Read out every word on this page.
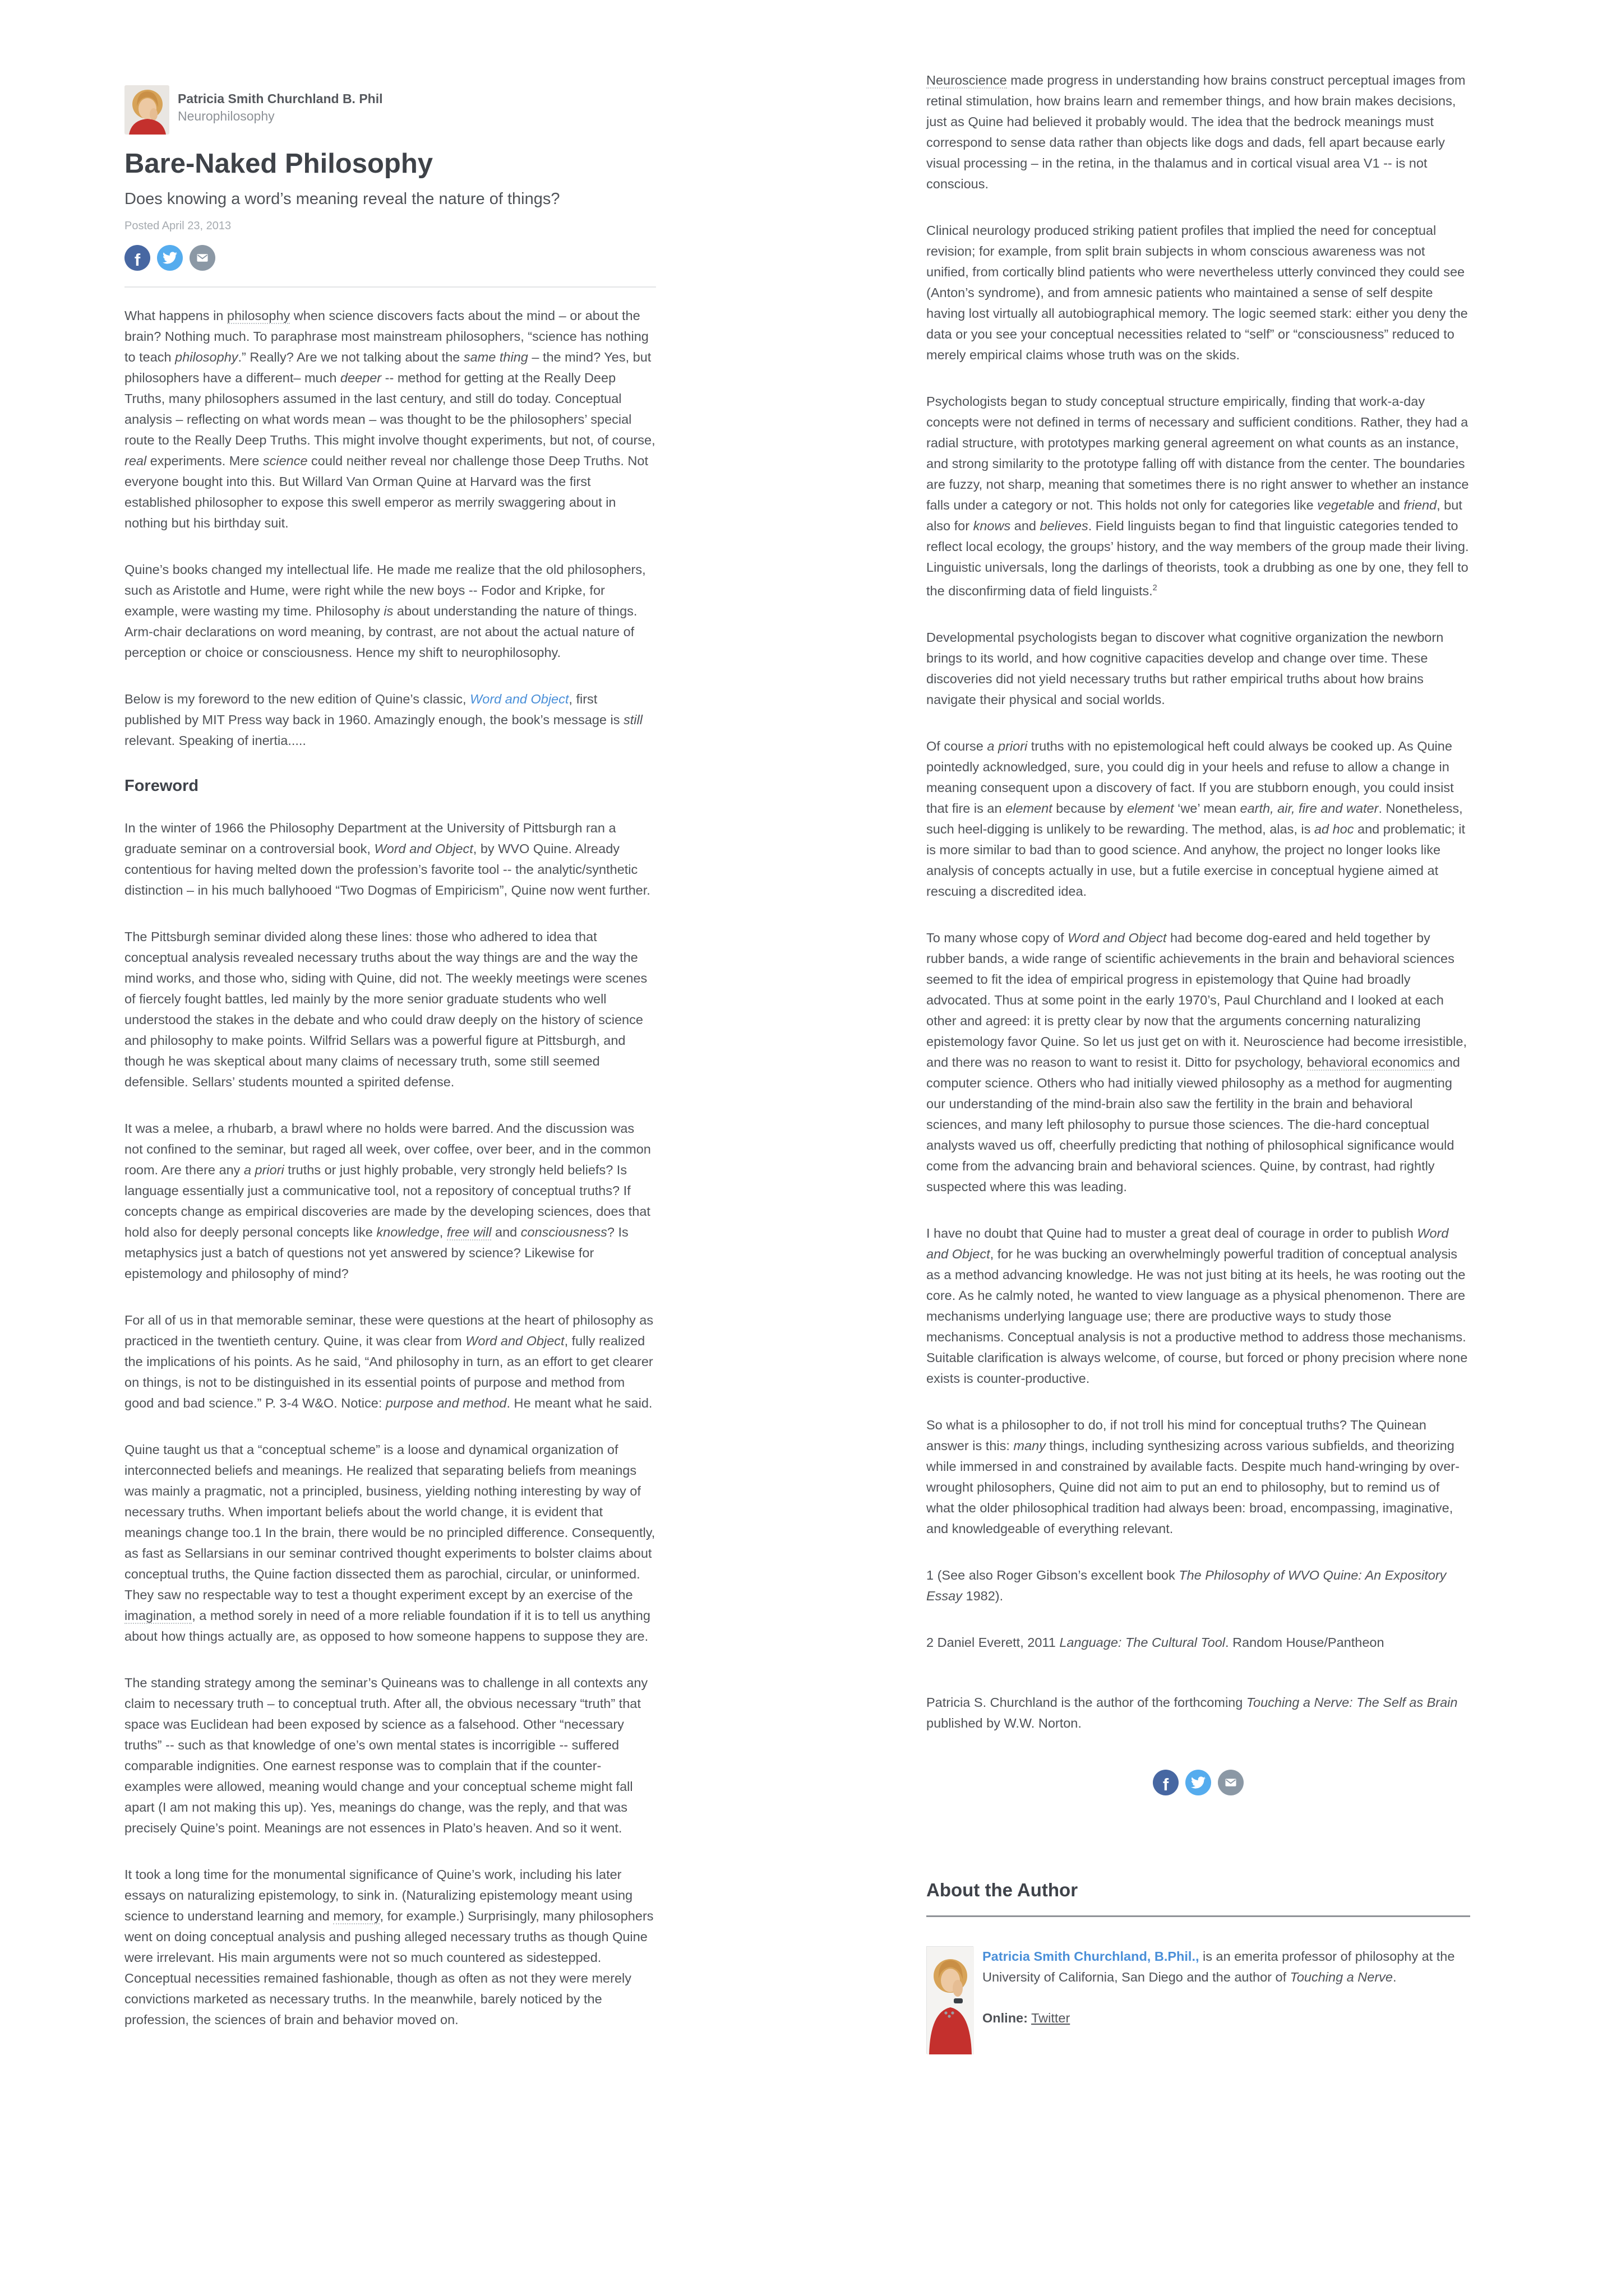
Patricia Smith Churchland B. Phil
Neurophilosophy
Bare-Naked Philosophy
Does knowing a word’s meaning reveal the nature of things?
Posted April 23, 2013
f

What happens in philosophy when science discovers facts about the mind – or about the brain? Nothing much. To paraphrase most mainstream philosophers, “science has nothing to teach philosophy.” Really? Are we not talking about the same thing – the mind? Yes, but philosophers have a different– much deeper -- method for getting at the Really Deep Truths, many philosophers assumed in the last century, and still do today. Conceptual analysis – reflecting on what words mean – was thought to be the philosophers’ special route to the Really Deep Truths. This might involve thought experiments, but not, of course, real experiments. Mere science could neither reveal nor challenge those Deep Truths. Not everyone bought into this. But Willard Van Orman Quine at Harvard was the first established philosopher to expose this swell emperor as merrily swaggering about in nothing but his birthday suit.

Quine’s books changed my intellectual life. He made me realize that the old philosophers, such as Aristotle and Hume, were right while the new boys -- Fodor and Kripke, for example, were wasting my time. Philosophy is about understanding the nature of things. Arm-chair declarations on word meaning, by contrast, are not about the actual nature of perception or choice or consciousness. Hence my shift to neurophilosophy.

Below is my foreword to the new edition of Quine’s classic, Word and Object, first published by MIT Press way back in 1960. Amazingly enough, the book’s message is still relevant. Speaking of inertia.....

Foreword

In the winter of 1966 the Philosophy Department at the University of Pittsburgh ran a graduate seminar on a controversial book, Word and Object, by WVO Quine. Already contentious for having melted down the profession’s favorite tool -- the analytic/synthetic distinction – in his much ballyhooed “Two Dogmas of Empiricism”, Quine now went further.

The Pittsburgh seminar divided along these lines: those who adhered to idea that conceptual analysis revealed necessary truths about the way things are and the way the mind works, and those who, siding with Quine, did not. The weekly meetings were scenes of fiercely fought battles, led mainly by the more senior graduate students who well understood the stakes in the debate and who could draw deeply on the history of science and philosophy to make points. Wilfrid Sellars was a powerful figure at Pittsburgh, and though he was skeptical about many claims of necessary truth, some still seemed defensible. Sellars’ students mounted a spirited defense.

It was a melee, a rhubarb, a brawl where no holds were barred. And the discussion was not confined to the seminar, but raged all week, over coffee, over beer, and in the common room. Are there any a priori truths or just highly probable, very strongly held beliefs? Is language essentially just a communicative tool, not a repository of conceptual truths? If concepts change as empirical discoveries are made by the developing sciences, does that hold also for deeply personal concepts like knowledge, free will and consciousness? Is metaphysics just a batch of questions not yet answered by science? Likewise for epistemology and philosophy of mind?

For all of us in that memorable seminar, these were questions at the heart of philosophy as practiced in the twentieth century. Quine, it was clear from Word and Object, fully realized the implications of his points. As he said, “And philosophy in turn, as an effort to get clearer on things, is not to be distinguished in its essential points of purpose and method from good and bad science.” P. 3-4 W&O. Notice: purpose and method. He meant what he said.

Quine taught us that a “conceptual scheme” is a loose and dynamical organization of interconnected beliefs and meanings. He realized that separating beliefs from meanings was mainly a pragmatic, not a principled, business, yielding nothing interesting by way of necessary truths. When important beliefs about the world change, it is evident that meanings change too.1 In the brain, there would be no principled difference. Consequently, as fast as Sellarsians in our seminar contrived thought experiments to bolster claims about conceptual truths, the Quine faction dissected them as parochial, circular, or uninformed. They saw no respectable way to test a thought experiment except by an exercise of the imagination, a method sorely in need of a more reliable foundation if it is to tell us anything about how things actually are, as opposed to how someone happens to suppose they are.

The standing strategy among the seminar’s Quineans was to challenge in all contexts any claim to necessary truth – to conceptual truth. After all, the obvious necessary “truth” that space was Euclidean had been exposed by science as a falsehood. Other “necessary truths” -- such as that knowledge of one’s own mental states is incorrigible -- suffered comparable indignities. One earnest response was to complain that if the counter-examples were allowed, meaning would change and your conceptual scheme might fall apart (I am not making this up). Yes, meanings do change, was the reply, and that was precisely Quine’s point. Meanings are not essences in Plato’s heaven. And so it went.

It took a long time for the monumental significance of Quine’s work, including his later essays on naturalizing epistemology, to sink in. (Naturalizing epistemology meant using science to understand learning and memory, for example.) Surprisingly, many philosophers went on doing conceptual analysis and pushing alleged necessary truths as though Quine were irrelevant. His main arguments were not so much countered as sidestepped. Conceptual necessities remained fashionable, though as often as not they were merely convictions marketed as necessary truths. In the meanwhile, barely noticed by the profession, the sciences of brain and behavior moved on.

Neuroscience made progress in understanding how brains construct perceptual images from retinal stimulation, how brains learn and remember things, and how brain makes decisions, just as Quine had believed it probably would. The idea that the bedrock meanings must correspond to sense data rather than objects like dogs and dads, fell apart because early visual processing – in the retina, in the thalamus and in cortical visual area V1 -- is not conscious.

Clinical neurology produced striking patient profiles that implied the need for conceptual revision; for example, from split brain subjects in whom conscious awareness was not unified, from cortically blind patients who were nevertheless utterly convinced they could see (Anton’s syndrome), and from amnesic patients who maintained a sense of self despite having lost virtually all autobiographical memory. The logic seemed stark: either you deny the data or you see your conceptual necessities related to “self” or “consciousness” reduced to merely empirical claims whose truth was on the skids.

Psychologists began to study conceptual structure empirically, finding that work-a-day concepts were not defined in terms of necessary and sufficient conditions. Rather, they had a radial structure, with prototypes marking general agreement on what counts as an instance, and strong similarity to the prototype falling off with distance from the center. The boundaries are fuzzy, not sharp, meaning that sometimes there is no right answer to whether an instance falls under a category or not. This holds not only for categories like vegetable and friend, but also for knows and believes. Field linguists began to find that linguistic categories tended to reflect local ecology, the groups’ history, and the way members of the group made their living. Linguistic universals, long the darlings of theorists, took a drubbing as one by one, they fell to the disconfirming data of field linguists.$^2$

Developmental psychologists began to discover what cognitive organization the newborn brings to its world, and how cognitive capacities develop and change over time. These discoveries did not yield necessary truths but rather empirical truths about how brains navigate their physical and social worlds.

Of course a priori truths with no epistemological heft could always be cooked up. As Quine pointedly acknowledged, sure, you could dig in your heels and refuse to allow a change in meaning consequent upon a discovery of fact. If you are stubborn enough, you could insist that fire is an element because by element ‘we’ mean earth, air, fire and water. Nonetheless, such heel-digging is unlikely to be rewarding. The method, alas, is ad hoc and problematic; it is more similar to bad than to good science. And anyhow, the project no longer looks like analysis of concepts actually in use, but a futile exercise in conceptual hygiene aimed at rescuing a discredited idea.

To many whose copy of Word and Object had become dog-eared and held together by rubber bands, a wide range of scientific achievements in the brain and behavioral sciences seemed to fit the idea of empirical progress in epistemology that Quine had broadly advocated. Thus at some point in the early 1970’s, Paul Churchland and I looked at each other and agreed: it is pretty clear by now that the arguments concerning naturalizing epistemology favor Quine. So let us just get on with it. Neuroscience had become irresistible, and there was no reason to want to resist it. Ditto for psychology, behavioral economics and computer science. Others who had initially viewed philosophy as a method for augmenting our understanding of the mind-brain also saw the fertility in the brain and behavioral sciences, and many left philosophy to pursue those sciences. The die-hard conceptual analysts waved us off, cheerfully predicting that nothing of philosophical significance would come from the advancing brain and behavioral sciences. Quine, by contrast, had rightly suspected where this was leading.

I have no doubt that Quine had to muster a great deal of courage in order to publish Word and Object, for he was bucking an overwhelmingly powerful tradition of conceptual analysis as a method advancing knowledge. He was not just biting at its heels, he was rooting out the core. As he calmly noted, he wanted to view language as a physical phenomenon. There are mechanisms underlying language use; there are productive ways to study those mechanisms. Conceptual analysis is not a productive method to address those mechanisms. Suitable clarification is always welcome, of course, but forced or phony precision where none exists is counter-productive.

So what is a philosopher to do, if not troll his mind for conceptual truths? The Quinean answer is this: many things, including synthesizing across various subfields, and theorizing while immersed in and constrained by available facts. Despite much hand-wringing by over-wrought philosophers, Quine did not aim to put an end to philosophy, but to remind us of what the older philosophical tradition had always been: broad, encompassing, imaginative, and knowledgeable of everything relevant.

1 (See also Roger Gibson’s excellent book The Philosophy of WVO Quine: An Expository Essay 1982).

2 Daniel Everett, 2011 Language: The Cultural Tool. Random House/Pantheon

Patricia S. Churchland is the author of the forthcoming Touching a Nerve: The Self as Brain published by W.W. Norton.

f
About the Author

Patricia Smith Churchland, B.Phil., is an emerita professor of philosophy at the University of California, San Diego and the author of Touching a Nerve.

Online: Twitter
